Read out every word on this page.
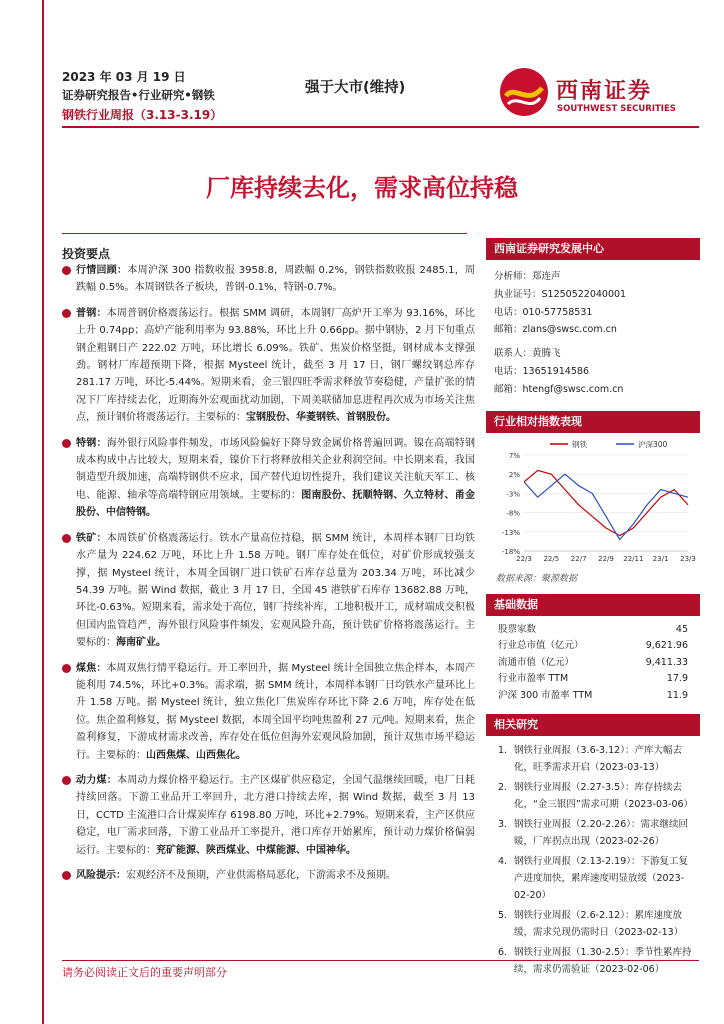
2023 年 03 月 19 日
证券研究报告•行业研究•钢铁
钢铁行业周报（3.13-3.19）
强于大市(维持)	西南证券
SOUTHWEST SECURITIES
厂库持续去化，需求高位持稳
投资要点
行情回顾：本周沪深 300 指数收报 3958.8，周跌幅 0.2%，钢铁指数收报 2485.1，周跌幅 0.5%。本周钢铁各子板块，普钢-0.1%，特钢-0.7%。
普钢：本周普钢价格震荡运行。根据 SMM 调研，本周钢厂高炉开工率为 93.16%，环比上升 0.74pp；高炉产能利用率为 93.88%，环比上升 0.66pp。据中钢协，2 月下旬重点钢企粗钢日产 222.02 万吨，环比增长 6.09%。铁矿、焦炭价格坚挺，钢材成本支撑强劲。钢材厂库超预期下降，根据 Mysteel 统计，截至 3 月 17 日，钢厂螺纹钢总库存 281.17 万吨，环比-5.44%。短期来看，金三银四旺季需求释放节奏稳健，产量扩张的情况下厂库持续去化，近期海外宏观面扰动加剧，下周美联储加息进程再次成为市场关注焦点，预计钢价将震荡运行。主要标的：宝钢股份、华菱钢铁、首钢股份。
特钢：海外银行风险事件频发，市场风险偏好下降导致金属价格普遍回调。镍在高端特钢成本构成中占比较大，短期来看，镍价下行将释放相关企业利润空间。中长期来看，我国制造型升级加速，高端特钢供不应求，国产替代迫切性提升，我们建议关注航天军工、核电、能源、轴承等高端特钢应用领域。主要标的：图南股份、抚顺特钢、久立特材、甬金股份、中信特钢。
铁矿：本周铁矿价格震荡运行。铁水产量高位持稳，据 SMM 统计，本周样本钢厂日均铁水产量为 224.62 万吨，环比上升 1.58 万吨。钢厂库存处在低位，对矿价形成较强支撑，据 Mysteel 统计，本周全国钢厂进口铁矿石库存总量为 203.34 万吨，环比减少 54.39 万吨。据 Wind 数据，截止 3 月 17 日，全国 45 港铁矿石库存 13682.88 万吨，环比-0.63%。短期来看，需求处于高位，钢厂持续补库，工地积极开工，成材端成交积极但国内监管趋严，海外银行风险事件频发，宏观风险升高，预计铁矿价格将震荡运行。主要标的：海南矿业。
煤焦：本周双焦行情平稳运行。开工率回升，据 Mysteel 统计全国独立焦企样本，本周产能利用 74.5%，环比+0.3%。需求端，据 SMM 统计，本周样本钢厂日均铁水产量环比上升 1.58 万吨。据 Mysteel 统计，独立焦化厂焦炭库存环比下降 2.6 万吨，库存处在低位。焦企盈利修复，据 Mysteel 数据，本周全国平均吨焦盈利 27 元/吨。短期来看，焦企盈利修复，下游成材需求改善，库存处在低位但海外宏观风险加剧，预计双焦市场平稳运行。主要标的：山西焦煤、山西焦化。
动力煤：本周动力煤价格平稳运行。主产区煤矿供应稳定，全国气温继续回暖，电厂日耗持续回落。下游工业品开工率回升，北方港口持续去库，据 Wind 数据，截至 3 月 13 日，CCTD 主流港口合计煤炭库存 6198.80 万吨，环比+2.79%。短期来看，主产区供应稳定，电厂需求回落，下游工业品开工率提升，港口库存开始累库，预计动力煤价格偏弱运行。主要标的：兖矿能源、陕西煤业、中煤能源、中国神华。
风险提示：宏观经济不及预期，产业供需格局恶化，下游需求不及预期。
西南证券研究发展中心
分析师：郑连声
执业证号：S1250522040001
电话：010-57758531
邮箱：zlans@swsc.com.cn
联系人：黄腾飞
电话：13651914586
邮箱：htengf@swsc.com.cn
行业相对指数表现
7%
2%
-3%
-8%
-13%
-18%
22/3 22/5 22/7 22/9 22/11 23/1 23/3
钢铁	沪深300
数据来源：聚源数据
基础数据
股票家数	45
行业总市值（亿元）	9,621.96
流通市值（亿元）	9,411.33
行业市盈率 TTM	17.9
沪深 300 市盈率 TTM	11.9
相关研究
1. 钢铁行业周报（3.6-3.12）：产库大幅去化，旺季需求开启（2023-03-13）
2. 钢铁行业周报（2.27-3.5）：库存持续去化，“金三银四”需求可期（2023-03-06）
3. 钢铁行业周报（2.20-2.26）：需求继续回暖，厂库拐点出现（2023-02-26）
4. 钢铁行业周报（2.13-2.19）：下游复工复产进度加快，累库速度明显放缓（2023-02-20）
5. 钢铁行业周报（2.6-2.12）：累库速度放缓，需求兑现仍需时日（2023-02-13）
6. 钢铁行业周报（1.30-2.5）：季节性累库持续，需求仍需验证（2023-02-06）
请务必阅读正文后的重要声明部分
